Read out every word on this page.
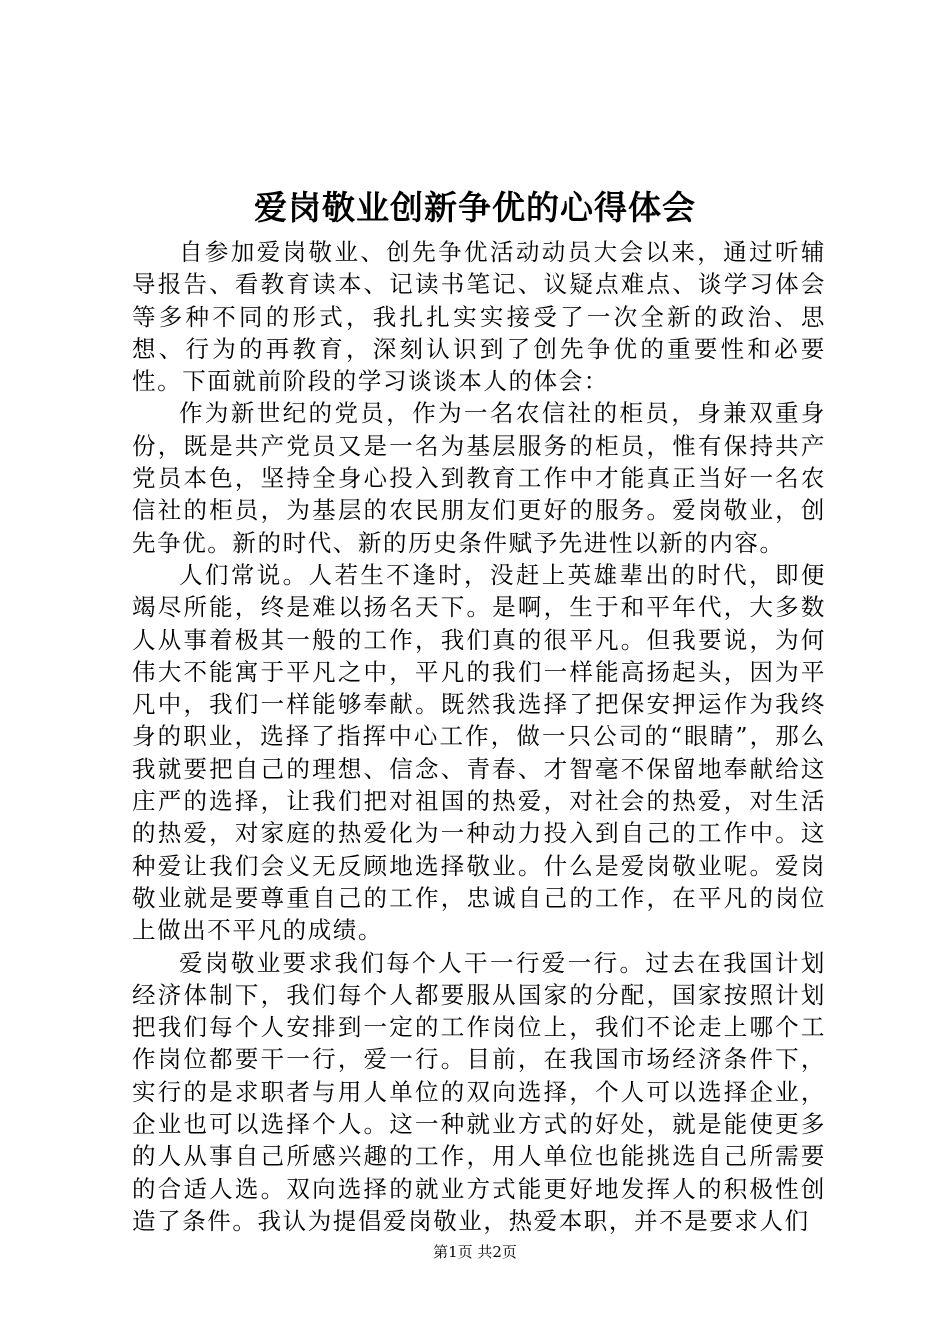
爱岗敬业创新争优的心得体会

自参加爱岗敬业、创先争优活动动员大会以来，通过听辅导报告、看教育读本、记读书笔记、议疑点难点、谈学习体会等多种不同的形式，我扎扎实实接受了一次全新的政治、思想、行为的再教育，深刻认识到了创先争优的重要性和必要性。下面就前阶段的学习谈谈本人的体会：

作为新世纪的党员，作为一名农信社的柜员，身兼双重身份，既是共产党员又是一名为基层服务的柜员，惟有保持共产党员本色，坚持全身心投入到教育工作中才能真正当好一名农信社的柜员，为基层的农民朋友们更好的服务。爱岗敬业，创先争优。新的时代、新的历史条件赋予先进性以新的内容。

人们常说。人若生不逢时，没赶上英雄辈出的时代，即便竭尽所能，终是难以扬名天下。是啊，生于和平年代，大多数人从事着极其一般的工作，我们真的很平凡。但我要说，为何伟大不能寓于平凡之中，平凡的我们一样能高扬起头，因为平凡中，我们一样能够奉献。既然我选择了把保安押运作为我终身的职业，选择了指挥中心工作，做一只公司的“眼睛”，那么我就要把自己的理想、信念、青春、才智毫不保留地奉献给这庄严的选择，让我们把对祖国的热爱，对社会的热爱，对生活的热爱，对家庭的热爱化为一种动力投入到自己的工作中。这种爱让我们会义无反顾地选择敬业。什么是爱岗敬业呢。爱岗敬业就是要尊重自己的工作，忠诚自己的工作，在平凡的岗位上做出不平凡的成绩。

爱岗敬业要求我们每个人干一行爱一行。过去在我国计划经济体制下，我们每个人都要服从国家的分配，国家按照计划把我们每个人安排到一定的工作岗位上，我们不论走上哪个工作岗位都要干一行，爱一行。目前，在我国市场经济条件下，实行的是求职者与用人单位的双向选择，个人可以选择企业，企业也可以选择个人。这一种就业方式的好处，就是能使更多的人从事自己所感兴趣的工作，用人单位也能挑选自己所需要的合适人选。双向选择的就业方式能更好地发挥人的积极性创造了条件。我认为提倡爱岗敬业，热爱本职，并不是要求人们

第1页 共2页
